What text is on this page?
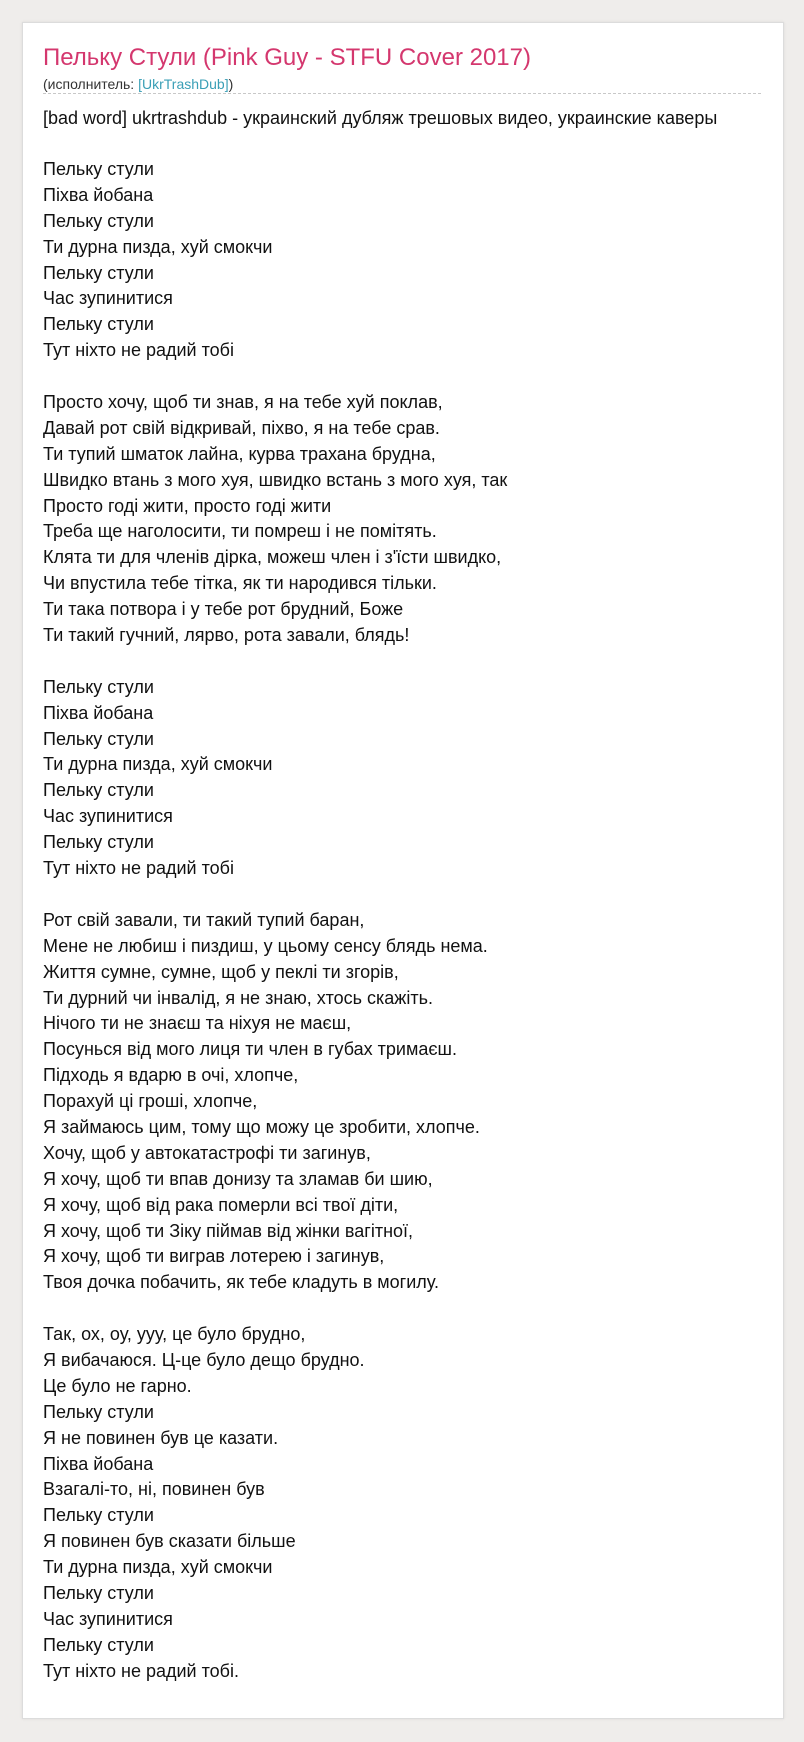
Пельку Стули (Pink Guy - STFU Cover 2017)
(исполнитель: [UkrTrashDub])
[bad word] ukrtrashdub - украинский дубляж трешовых видео, украинские каверы
Пельку стули
Піхва йобана
Пельку стули
Ти дурна пизда, хуй смокчи
Пельку стули
Час зупинитися
Пельку стули
Тут ніхто не радий тобі
Просто хочу, щоб ти знав, я на тебе хуй поклав,
Давай рот свій відкривай, піхво, я на тебе срав.
Ти тупий шматок лайна, курва трахана брудна,
Швидко втань з мого хуя, швидко встань з мого хуя, так
Просто годі жити, просто годі жити
Треба ще наголосити, ти помреш і не помітять.
Клята ти для членів дірка, можеш член і з'їсти швидко,
Чи впустила тебе тітка, як ти народився тільки.
Ти така потвора і у тебе рот брудний, Боже
Ти такий гучний, лярво, рота завали, блядь!
Пельку стули
Піхва йобана
Пельку стули
Ти дурна пизда, хуй смокчи
Пельку стули
Час зупинитися
Пельку стули
Тут ніхто не радий тобі
Рот свій завали, ти такий тупий баран,
Мене не любиш і пиздиш, у цьому сенсу блядь нема.
Життя сумне, сумне, щоб у пеклі ти згорів,
Ти дурний чи інвалід, я не знаю, хтось скажіть.
Нічого ти не знаєш та ніхуя не маєш,
Посунься від мого лиця ти член в губах тримаєш.
Підходь я вдарю в очі, хлопче,
Порахуй ці гроші, хлопче,
Я займаюсь цим, тому що можу це зробити, хлопче.
Хочу, щоб у автокатастрофі ти загинув,
Я хочу, щоб ти впав донизу та зламав би шию,
Я хочу, щоб від рака померли всі твої діти,
Я хочу, щоб ти Зіку піймав від жінки вагітної,
Я хочу, щоб ти виграв лотерею і загинув,
Твоя дочка побачить, як тебе кладуть в могилу.
Так, ох, оу, ууу, це було брудно,
Я вибачаюся. Ц-це було дещо брудно.
Це було не гарно.
Пельку стули
Я не повинен був це казати.
Піхва йобана
Взагалі-то, ні, повинен був
Пельку стули
Я повинен був сказати більше
Ти дурна пизда, хуй смокчи
Пельку стули
Час зупинитися
Пельку стули
Тут ніхто не радий тобі.
